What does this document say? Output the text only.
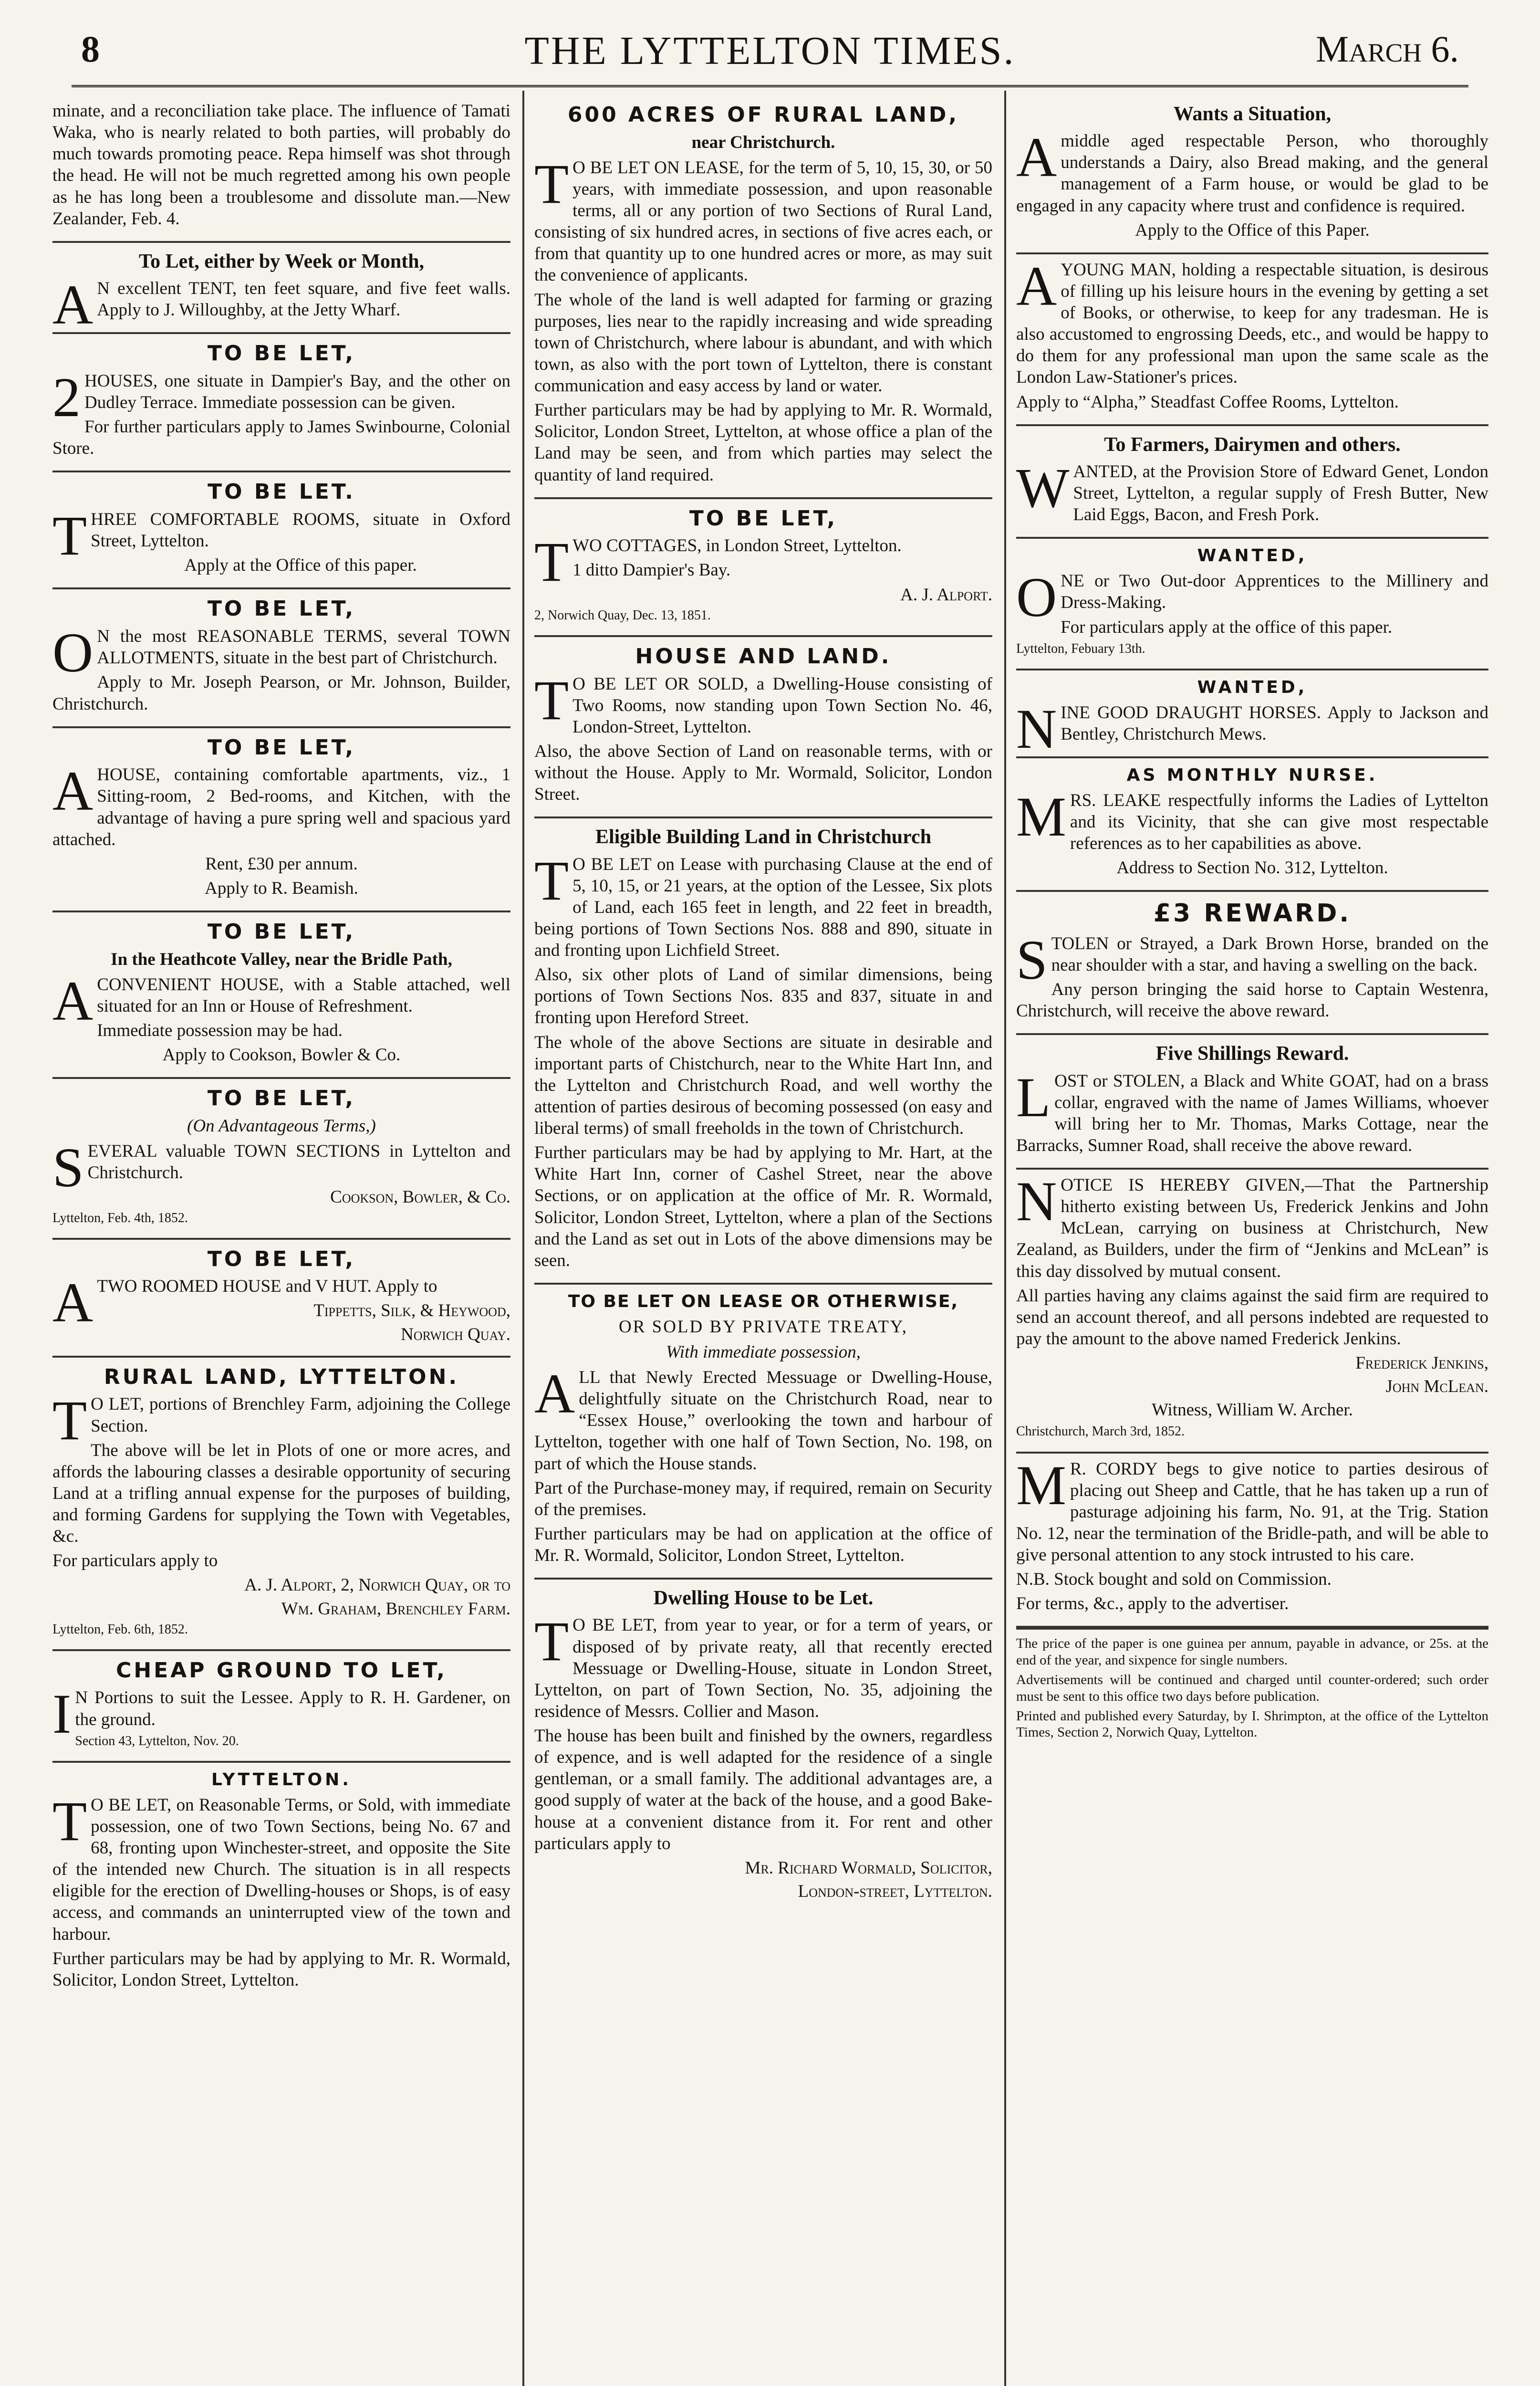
8	THE LYTTELTON TIMES.	March 6.

minate, and a reconciliation take place. The influence of Tamati Waka, who is nearly related to both parties, will probably do much towards promoting peace. Repa himself was shot through the head. He will not be much regretted among his own people as he has long been a troublesome and dissolute man.—New Zealander, Feb. 4.

To Let, either by Week or Month,

AN excellent TENT, ten feet square, and five feet walls. Apply to J. Willoughby, at the Jetty Wharf.

TO BE LET,

2HOUSES, one situate in Dampier's Bay, and the other on Dudley Terrace. Immediate possession can be given.

For further particulars apply to James Swinbourne, Colonial Store.

TO BE LET.

THREE COMFORTABLE ROOMS, situate in Oxford Street, Lyttelton.

Apply at the Office of this paper.

TO BE LET,

ON the most REASONABLE TERMS, several TOWN ALLOTMENTS, situate in the best part of Christchurch.

Apply to Mr. Joseph Pearson, or Mr. Johnson, Builder, Christchurch.

TO BE LET,

AHOUSE, containing comfortable apartments, viz., 1 Sitting-room, 2 Bed-rooms, and Kitchen, with the advantage of having a pure spring well and spacious yard attached.

Rent, £30 per annum.

Apply to R. Beamish.

TO BE LET,
In the Heathcote Valley, near the Bridle Path,

ACONVENIENT HOUSE, with a Stable attached, well situated for an Inn or House of Refreshment.

Immediate possession may be had.

Apply to Cookson, Bowler & Co.

TO BE LET,
(On Advantageous Terms,)

SEVERAL valuable TOWN SECTIONS in Lyttelton and Christchurch.

Cookson, Bowler, & Co.

Lyttelton, Feb. 4th, 1852.

TO BE LET,

ATWO ROOMED HOUSE and V HUT. Apply to

Tippetts, Silk, & Heywood,

Norwich Quay.

RURAL LAND, LYTTELTON.

TO LET, portions of Brenchley Farm, adjoining the College Section.

The above will be let in Plots of one or more acres, and affords the labouring classes a desirable opportunity of securing Land at a trifling annual expense for the purposes of building, and forming Gardens for supplying the Town with Vegetables, &c.

For particulars apply to

A. J. Alport, 2, Norwich Quay, or to

Wm. Graham, Brenchley Farm.

Lyttelton, Feb. 6th, 1852.

CHEAP GROUND TO LET,

IN Portions to suit the Lessee. Apply to R. H. Gardener, on the ground.

Section 43, Lyttelton, Nov. 20.

LYTTELTON.

TO BE LET, on Reasonable Terms, or Sold, with immediate possession, one of two Town Sections, being No. 67 and 68, fronting upon Winchester-street, and opposite the Site of the intended new Church. The situation is in all respects eligible for the erection of Dwelling-houses or Shops, is of easy access, and commands an uninterrupted view of the town and harbour.

Further particulars may be had by applying to Mr. R. Wormald, Solicitor, London Street, Lyttelton.

600 ACRES OF RURAL LAND,
near Christchurch.

TO BE LET ON LEASE, for the term of 5, 10, 15, 30, or 50 years, with immediate possession, and upon reasonable terms, all or any portion of two Sections of Rural Land, consisting of six hundred acres, in sections of five acres each, or from that quantity up to one hundred acres or more, as may suit the convenience of applicants.

The whole of the land is well adapted for farming or grazing purposes, lies near to the rapidly increasing and wide spreading town of Christchurch, where labour is abundant, and with which town, as also with the port town of Lyttelton, there is constant communication and easy access by land or water.

Further particulars may be had by applying to Mr. R. Wormald, Solicitor, London Street, Lyttelton, at whose office a plan of the Land may be seen, and from which parties may select the quantity of land required.

TO BE LET,

TWO COTTAGES, in London Street, Lyttelton.

1 ditto Dampier's Bay.

A. J. Alport.

2, Norwich Quay, Dec. 13, 1851.

HOUSE AND LAND.

TO BE LET OR SOLD, a Dwelling-House consisting of Two Rooms, now standing upon Town Section No. 46, London-Street, Lyttelton.

Also, the above Section of Land on reasonable terms, with or without the House. Apply to Mr. Wormald, Solicitor, London Street.

Eligible Building Land in Christchurch

TO BE LET on Lease with purchasing Clause at the end of 5, 10, 15, or 21 years, at the option of the Lessee, Six plots of Land, each 165 feet in length, and 22 feet in breadth, being portions of Town Sections Nos. 888 and 890, situate in and fronting upon Lichfield Street.

Also, six other plots of Land of similar dimensions, being portions of Town Sections Nos. 835 and 837, situate in and fronting upon Hereford Street.

The whole of the above Sections are situate in desirable and important parts of Chistchurch, near to the White Hart Inn, and the Lyttelton and Christchurch Road, and well worthy the attention of parties desirous of becoming possessed (on easy and liberal terms) of small freeholds in the town of Christchurch.

Further particulars may be had by applying to Mr. Hart, at the White Hart Inn, corner of Cashel Street, near the above Sections, or on application at the office of Mr. R. Wormald, Solicitor, London Street, Lyttelton, where a plan of the Sections and the Land as set out in Lots of the above dimensions may be seen.

TO BE LET ON LEASE OR OTHERWISE,
OR SOLD BY PRIVATE TREATY,
With immediate possession,

ALL that Newly Erected Messuage or Dwelling-House, delightfully situate on the Christchurch Road, near to “Essex House,” overlooking the town and harbour of Lyttelton, together with one half of Town Section, No. 198, on part of which the House stands.

Part of the Purchase-money may, if required, remain on Security of the premises.

Further particulars may be had on application at the office of Mr. R. Wormald, Solicitor, London Street, Lyttelton.

Dwelling House to be Let.

TO BE LET, from year to year, or for a term of years, or disposed of by private reaty, all that recently erected Messuage or Dwelling-House, situate in London Street, Lyttelton, on part of Town Section, No. 35, adjoining the residence of Messrs. Collier and Mason.

The house has been built and finished by the owners, regardless of expence, and is well adapted for the residence of a single gentleman, or a small family. The additional advantages are, a good supply of water at the back of the house, and a good Bake-house at a convenient distance from it. For rent and other particulars apply to

Mr. Richard Wormald, Solicitor,

London-street, Lyttelton.

Wants a Situation,

Amiddle aged respectable Person, who thoroughly understands a Dairy, also Bread making, and the general management of a Farm house, or would be glad to be engaged in any capacity where trust and confidence is required.

Apply to the Office of this Paper.

AYOUNG MAN, holding a respectable situation, is desirous of filling up his leisure hours in the evening by getting a set of Books, or otherwise, to keep for any tradesman. He is also accustomed to engrossing Deeds, etc., and would be happy to do them for any professional man upon the same scale as the London Law-Stationer's prices.

Apply to “Alpha,” Steadfast Coffee Rooms, Lyttelton.

To Farmers, Dairymen and others.

WANTED, at the Provision Store of Edward Genet, London Street, Lyttelton, a regular supply of Fresh Butter, New Laid Eggs, Bacon, and Fresh Pork.

WANTED,

ONE or Two Out-door Apprentices to the Millinery and Dress-Making.

For particulars apply at the office of this paper.

Lyttelton, Febuary 13th.

WANTED,

NINE GOOD DRAUGHT HORSES. Apply to Jackson and Bentley, Christchurch Mews.

AS MONTHLY NURSE.

MRS. LEAKE respectfully informs the Ladies of Lyttelton and its Vicinity, that she can give most respectable references as to her capabilities as above.

Address to Section No. 312, Lyttelton.

£3 REWARD.

STOLEN or Strayed, a Dark Brown Horse, branded on the near shoulder with a star, and having a swelling on the back.

Any person bringing the said horse to Captain Westenra, Christchurch, will receive the above reward.

Five Shillings Reward.

LOST or STOLEN, a Black and White GOAT, had on a brass collar, engraved with the name of James Williams, whoever will bring her to Mr. Thomas, Marks Cottage, near the Barracks, Sumner Road, shall receive the above reward.

NOTICE IS HEREBY GIVEN,—That the Partnership hitherto existing between Us, Frederick Jenkins and John McLean, carrying on business at Christchurch, New Zealand, as Builders, under the firm of “Jenkins and McLean” is this day dissolved by mutual consent.

All parties having any claims against the said firm are required to send an account thereof, and all persons indebted are requested to pay the amount to the above named Frederick Jenkins.

Frederick Jenkins,

John McLean.

Witness, William W. Archer.

Christchurch, March 3rd, 1852.

MR. CORDY begs to give notice to parties desirous of placing out Sheep and Cattle, that he has taken up a run of pasturage adjoining his farm, No. 91, at the Trig. Station No. 12, near the termination of the Bridle-path, and will be able to give personal attention to any stock intrusted to his care.

N.B. Stock bought and sold on Commission.

For terms, &c., apply to the advertiser.

The price of the paper is one guinea per annum, payable in advance, or 25s. at the end of the year, and sixpence for single numbers.

Advertisements will be continued and charged until counter-ordered; such order must be sent to this office two days before publication.

Printed and published every Saturday, by I. Shrimpton, at the office of the Lyttelton Times, Section 2, Norwich Quay, Lyttelton.
